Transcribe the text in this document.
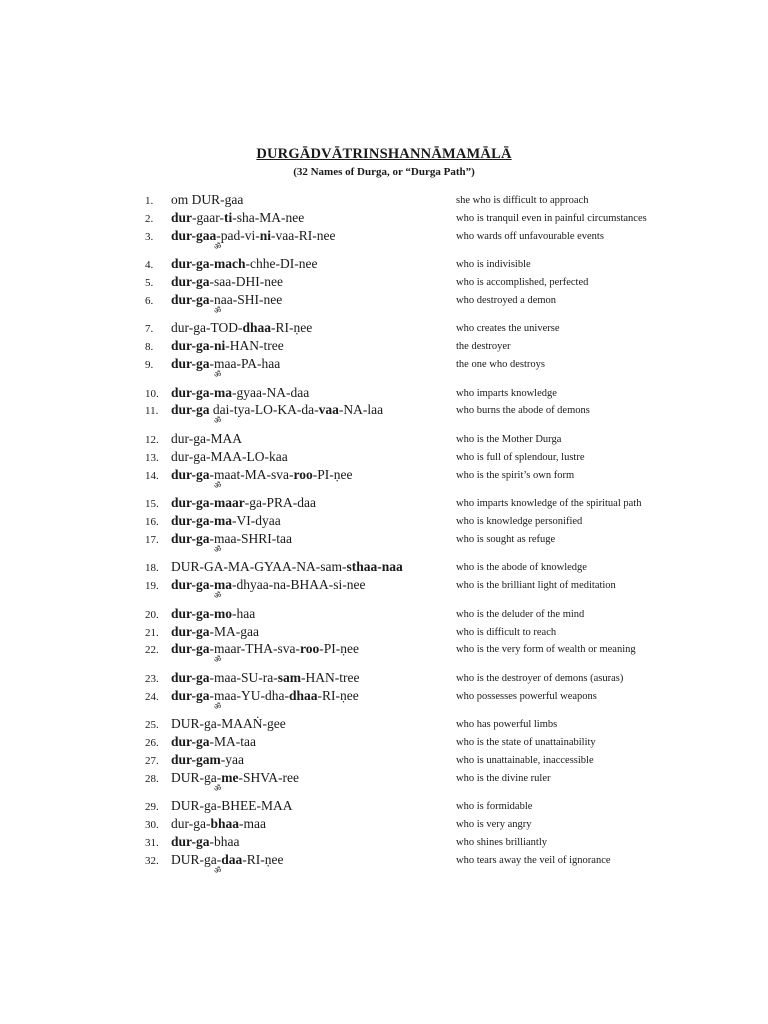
DURGĀDVĀTRINSHANNĀMAMĀLĀ
(32 Names of Durga, or “Durga Path”)
1.	om DUR-gaa	she who is difficult to approach
2.	dur-gaar-ti-sha-MA-nee	who is tranquil even in painful circumstances
3.	dur-gaa-pad-vi-ni-vaa-RI-nee	who wards off unfavourable events
ॐ
4.	dur-ga-mach-chhe-DI-nee	who is indivisible
5.	dur-ga-saa-DHI-nee	who is accomplished, perfected
6.	dur-ga-naa-SHI-nee	who destroyed a demon
ॐ
7.	dur-ga-TOD-dhaa-RI-ṇee	who creates the universe
8.	dur-ga-ni-HAN-tree	the destroyer
9.	dur-ga-maa-PA-haa	the one who destroys
ॐ
10. dur-ga-ma-gyaa-NA-daa	who imparts knowledge
11. dur-ga dai-tya-LO-KA-da-vaa-NA-laa	who burns the abode of demons
ॐ
12. dur-ga-MAA	who is the Mother Durga
13. dur-ga-MAA-LO-kaa	who is full of splendour, lustre
14. dur-ga-maat-MA-sva-roo-PI-ṇee	who is the spirit’s own form
ॐ
15. dur-ga-maar-ga-PRA-daa	who imparts knowledge of the spiritual path
16. dur-ga-ma-VI-dyaa	who is knowledge personified
17. dur-ga-maa-SHRI-taa	who is sought as refuge
ॐ
18. DUR-GA-MA-GYAA-NA-sam-sthaa-naa	who is the abode of knowledge
19. dur-ga-ma-dhyaa-na-BHAA-si-nee	who is the brilliant light of meditation
ॐ
20. dur-ga-mo-haa	who is the deluder of the mind
21. dur-ga-MA-gaa	who is difficult to reach
22. dur-ga-maar-THA-sva-roo-PI-ṇee	who is the very form of wealth or meaning
ॐ
23. dur-ga-maa-SU-ra-sam-HAN-tree	who is the destroyer of demons (asuras)
24. dur-ga-maa-YU-dha-dhaa-RI-ṇee	who possesses powerful weapons
ॐ
25. DUR-ga-MAAṄ-gee	who has powerful limbs
26. dur-ga-MA-taa	who is the state of unattainability
27. dur-gam-yaa	who is unattainable, inaccessible
28. DUR-ga-me-SHVA-ree	who is the divine ruler
ॐ
29. DUR-ga-BHEE-MAA	who is formidable
30. dur-ga-bhaa-maa	who is very angry
31. dur-ga-bhaa	who shines brilliantly
32. DUR-ga-daa-RI-ṇee	who tears away the veil of ignorance
ॐ
